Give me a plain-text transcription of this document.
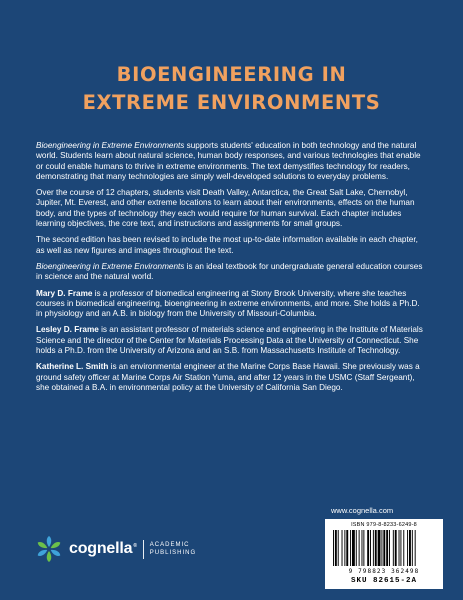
BIOENGINEERING IN
EXTREME ENVIRONMENTS

Bioengineering in Extreme Environments supports students' education in both technology and the natural world. Students learn about natural science, human body responses, and various technologies that enable or could enable humans to thrive in extreme environments. The text demystifies technology for readers, demonstrating that many technologies are simply well-developed solutions to everyday problems.

Over the course of 12 chapters, students visit Death Valley, Antarctica, the Great Salt Lake, Chernobyl, Jupiter, Mt. Everest, and other extreme locations to learn about their environments, effects on the human body, and the types of technology they each would require for human survival. Each chapter includes learning objectives, the core text, and instructions and assignments for small groups.

The second edition has been revised to include the most up-to-date information available in each chapter, as well as new figures and images throughout the text.

Bioengineering in Extreme Environments is an ideal textbook for undergraduate general education courses in science and the natural world.

Mary D. Frame is a professor of biomedical engineering at Stony Brook University, where she teaches courses in biomedical engineering, bioengineering in extreme environments, and more. She holds a Ph.D. in physiology and an A.B. in biology from the University of Missouri-Columbia.

Lesley D. Frame is an assistant professor of materials science and engineering in the Institute of Materials Science and the director of the Center for Materials Processing Data at the University of Connecticut. She holds a Ph.D. from the University of Arizona and an S.B. from Massachusetts Institute of Technology.

Katherine L. Smith is an environmental engineer at the Marine Corps Base Hawaii. She previously was a ground safety officer at Marine Corps Air Station Yuma, and after 12 years in the USMC (Staff Sergeant), she obtained a B.A. in environmental policy at the University of California San Diego.

www.cognella.com
cognella® ACADEMIC
PUBLISHING
ISBN 979-8-8233-6249-8
9 798823 362498
SKU 82615-2A
